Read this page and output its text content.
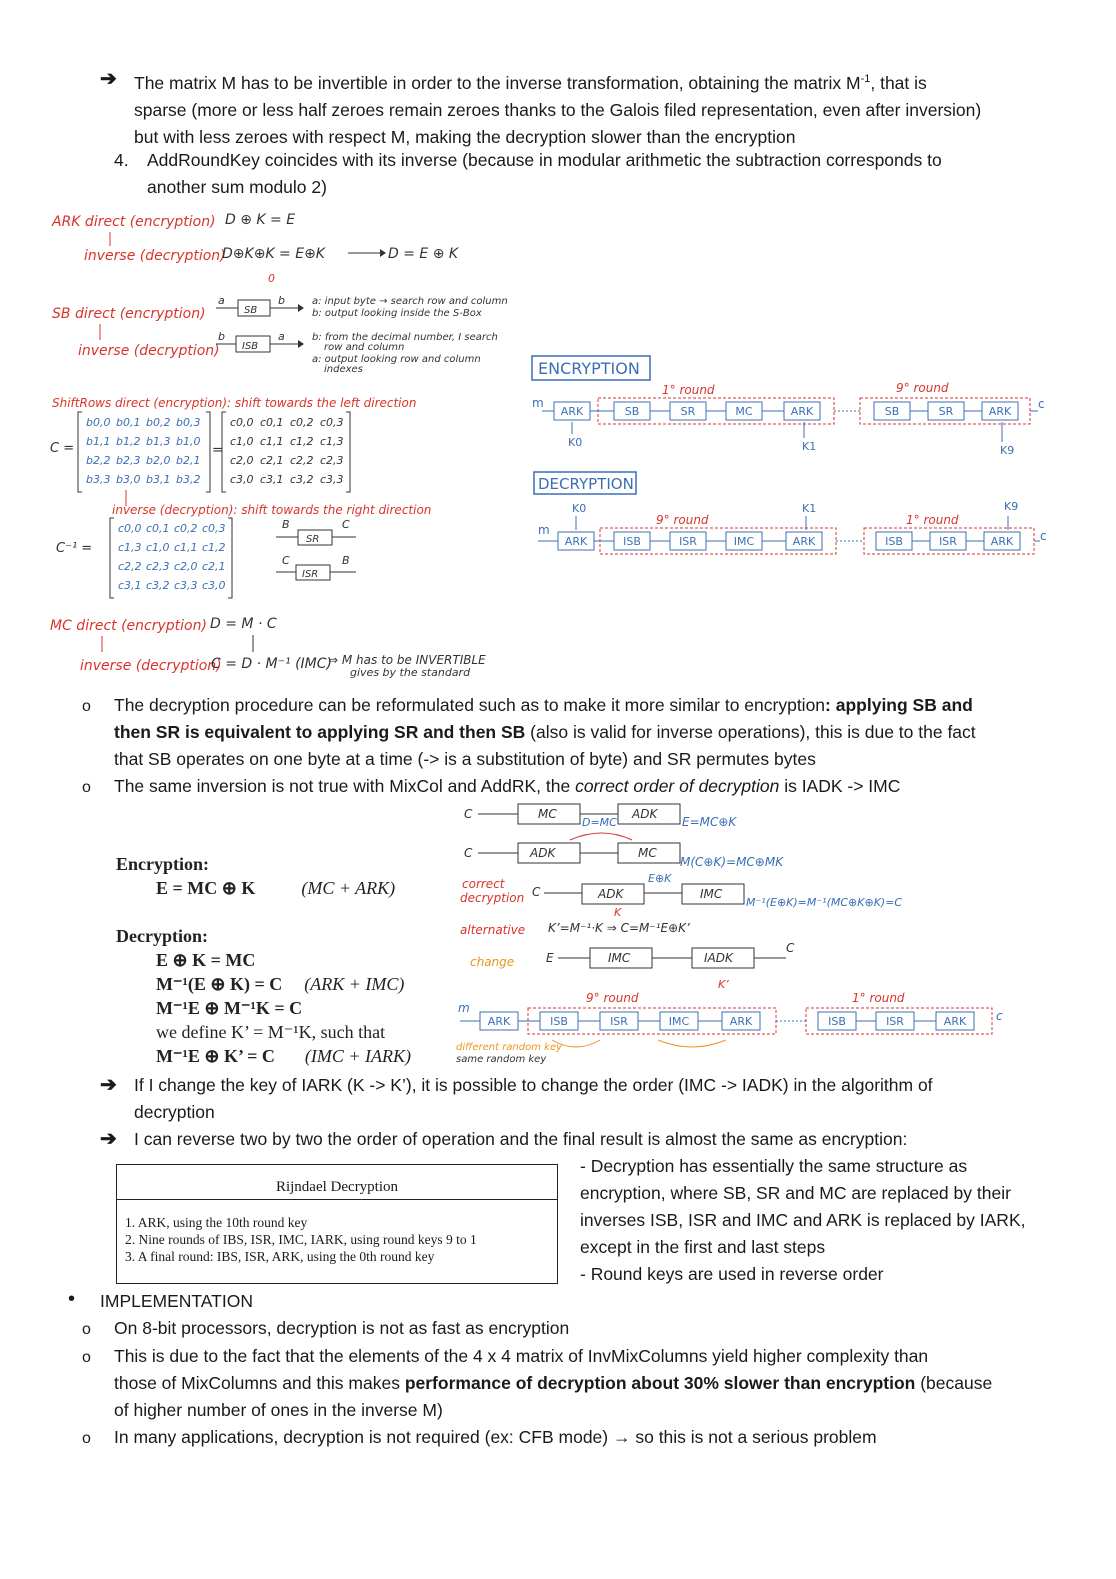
➔ The matrix M has to be invertible in order to the inverse transformation, obtaining the matrix $M^{-1}$, that is
sparse (more or less half zeroes remain zeroes thanks to the Galois filed representation, even after inversion)
but with less zeroes with respect M, making the decryption slower than the encryption
4. AddRoundKey coincides with its inverse (because in modular arithmetic the subtraction corresponds to
another sum modulo 2)
ARK direct (encryption)
inverse (decryption)
D ⊕ K = E
D⊕K⊕K = E⊕K	D = E ⊕ K
0
SB direct (encryption)
inverse (decryption)
a	b
SB
ISB
b	a
a: input byte → search row and column
b: output looking inside the S-Box
b: from the decimal number, I search
row and column
a: output looking row and column
indexes
ShiftRows direct (encryption): shift towards the left direction
C =
inverse (decryption): shift towards the right direction
C⁻¹ =
SR
ISR
B	C
C	B
MC direct (encryption)
inverse (decryption)
D = M · C
C = D · M⁻¹ (IMC)
⇒ M has to be INVERTIBLE
gives by the standard
=
b0,0 b0,1 b0,2 b0,3
b1,1 b1,2 b1,3 b1,0
b2,2 b2,3 b2,0 b2,1
b3,3 b3,0 b3,1 b3,2
c0,0 c0,1 c0,2 c0,3
c1,0 c1,1 c1,2 c1,3
c2,0 c2,1 c2,2 c2,3
c3,0 c3,1 c3,2 c3,3
c0,0 c0,1 c0,2 c0,3
c1,3 c1,0 c1,1 c1,2
c2,2 c2,3 c2,0 c2,1
c3,1 c3,2 c3,3 c3,0
ENCRYPTION
1° round	9° round
m	c
K0	K1	K9
ARK	SB	SR	MC	ARK	SB	SR	ARK
DECRYPTION
9° round	1° round
K0	K1	K9
m	c
ARK	ISB	ISR	IMC	ARK	ISB	ISR	ARK
o The decryption procedure can be reformulated such as to make it more similar to encryption: applying SB and
then SR is equivalent to applying SR and then SB (also is valid for inverse operations), this is due to the fact
that SB operates on one byte at a time (-> is a substitution of byte) and SR permutes bytes
o The same inversion is not true with MixCol and AddRK, the correct order of decryption is IADK -> IMC
Encryption:
E = MC ⊕ K	(MC + ARK)
Decryption:
E ⊕ K = MC
M⁻¹(E ⊕ K) = C (ARK + IMC)
M⁻¹E ⊕ M⁻¹K = C
we define K’ = M⁻¹K, such that
M⁻¹E ⊕ K’ = C (IMC + IARK)
C	MC	ADK
D=MC	E=MC⊕K
C	ADK	MC
M(C⊕K)=MC⊕MK
correct
decryption C	ADK	IMC
E⊕K
K
M⁻¹(E⊕K)=M⁻¹(MC⊕K⊕K)=C
alternative
change
K’=M⁻¹·K ⇒ C=M⁻¹E⊕K’
E	IMC	IADK
C
K’
9° round	1° round
m
c
different random key
same random key
ARK	ISB	ISR	IMC	ARK	ISB	ISR	ARK
➔ If I change the key of IARK (K -> K’), it is possible to change the order (IMC -> IADK) in the algorithm of
decryption
➔ I can reverse two by two the order of operation and the final result is almost the same as encryption:
Rijndael Decryption
1. ARK, using the 10th round key
2. Nine rounds of IBS, ISR, IMC, IARK, using round keys 9 to 1
3. A final round: IBS, ISR, ARK, using the 0th round key
- Decryption has essentially the same structure as
encryption, where SB, SR and MC are replaced by their
inverses ISB, ISR and IMC and ARK is replaced by IARK,
except in the first and last steps
- Round keys are used in reverse order
• IMPLEMENTATION
o On 8-bit processors, decryption is not as fast as encryption
o This is due to the fact that the elements of the 4 x 4 matrix of InvMixColumns yield higher complexity than
those of MixColumns and this makes performance of decryption about 30% slower than encryption (because
of higher number of ones in the inverse M)
o In many applications, decryption is not required (ex: CFB mode) → so this is not a serious problem
